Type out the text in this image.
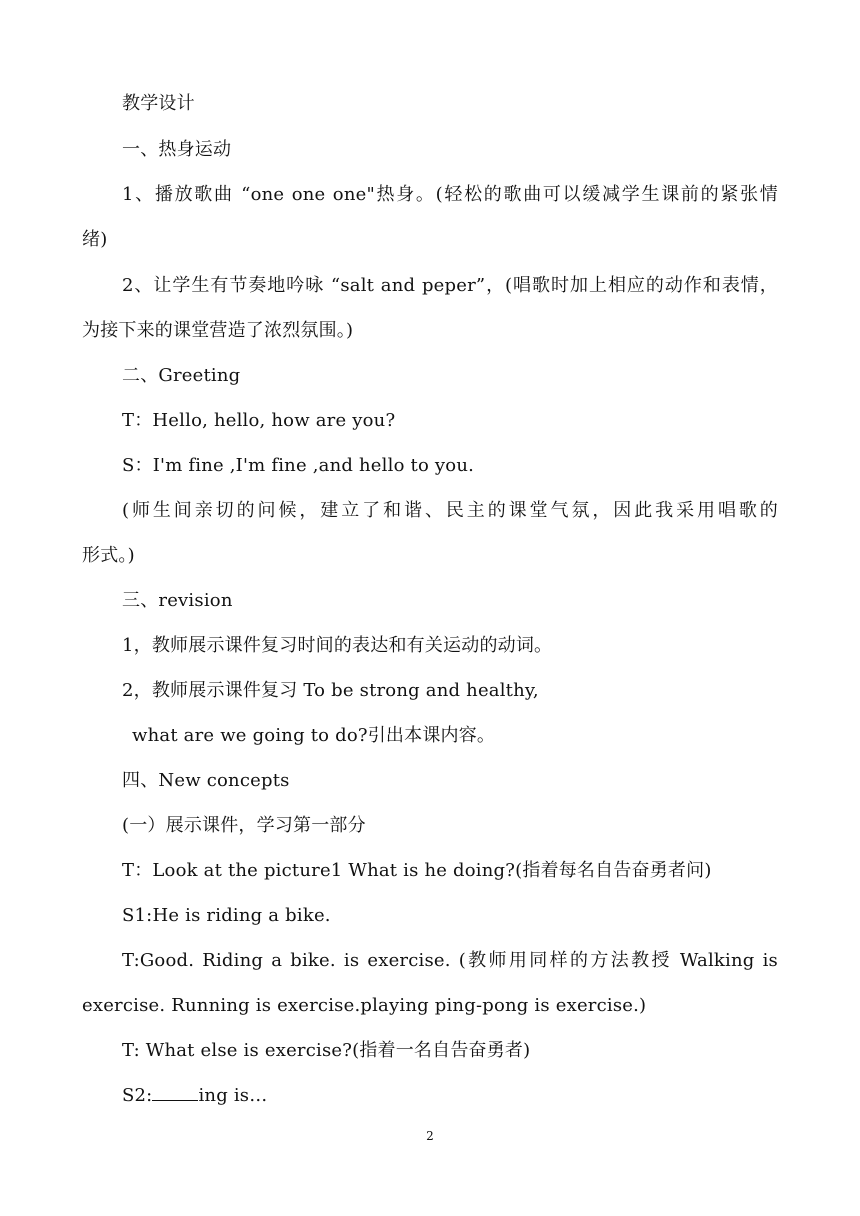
教学设计
一、热身运动
1、播放歌曲 “one one one"热身。(轻松的歌曲可以缓减学生课前的紧张情
绪)
2、让学生有节奏地吟咏 “salt and peper”，(唱歌时加上相应的动作和表情，
为接下来的课堂营造了浓烈氛围。)
二、Greeting
T：Hello, hello, how are you?
S：I'm fine ,I'm fine ,and hello to you.
(师生间亲切的问候，建立了和谐、民主的课堂气氛，因此我采用唱歌的
形式。)
三、revision
1，教师展示课件复习时间的表达和有关运动的动词。
2，教师展示课件复习 To be strong and healthy,
what are we going to do?引出本课内容。
四、New concepts
(一）展示课件，学习第一部分
T：Look at the picture1 What is he doing?(指着每名自告奋勇者问)
S1:He is riding a bike.
T:Good. Riding a bike. is exercise. (教师用同样的方法教授 Walking is
exercise. Running is exercise.playing ping-pong is exercise.)
T: What else is exercise?(指着一名自告奋勇者)
S2:	ing is…
2
